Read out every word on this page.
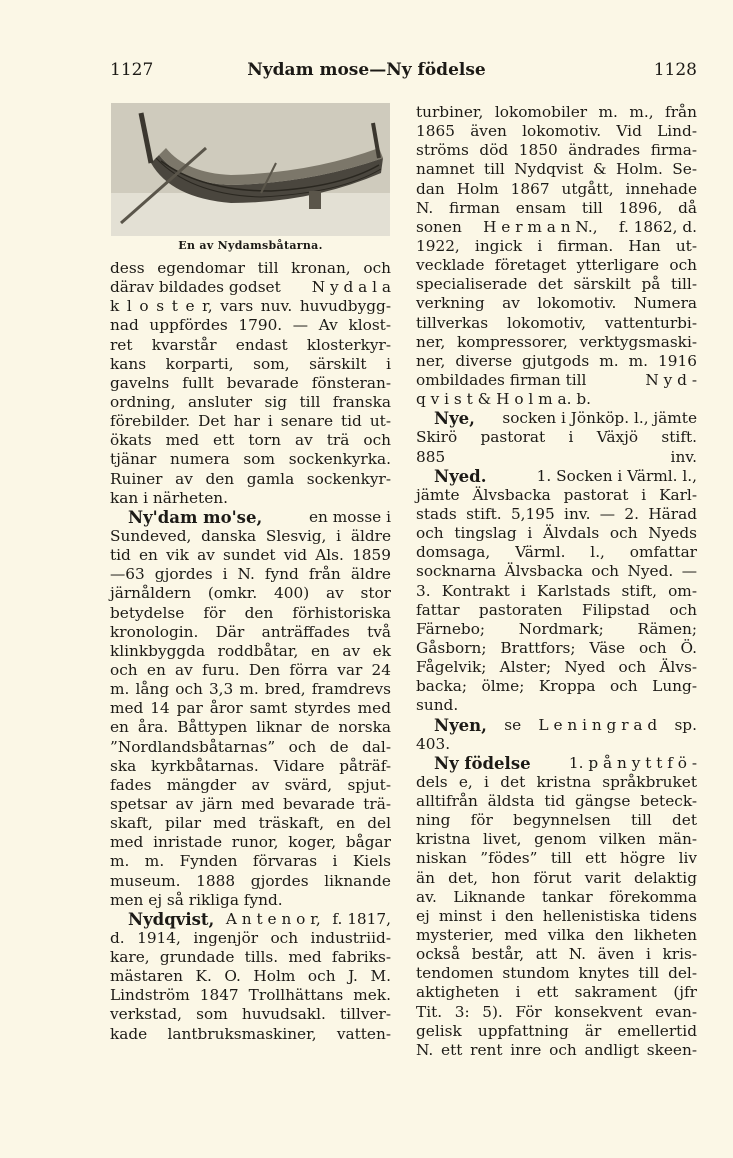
1127	Nydam mose—Ny födelse	1128
En av Nydamsbåtarna.
dess egendomar till kronan, och
därav bildades godset N y d a l a
k l o s t e r, vars nuv. huvudbygg-
nad uppfördes 1790. — Av klost-
ret kvarstår endast klosterkyr-
kans korparti, som, särskilt i
gavelns fullt bevarade fönsteran-
ordning, ansluter sig till franska
förebilder. Det har i senare tid ut-
ökats med ett torn av trä och
tjänar numera som sockenkyrka.
Ruiner av den gamla sockenkyr-
kan i närheten.
Ny'dam mo'se,	en mosse i
Sundeved, danska Slesvig, i äldre
tid en vik av sundet vid Als. 1859
—63 gjordes i N. fynd från äldre
järnåldern (omkr. 400) av stor
betydelse för den förhistoriska
kronologin. Där anträffades två
klinkbyggda roddbåtar, en av ek
och en av furu. Den förra var 24
m. lång och 3,3 m. bred, framdrevs
med 14 par åror samt styrdes med
en åra. Båttypen liknar de norska
”Nordlandsbåtarnas” och de dal-
ska kyrkbåtarnas. Vidare påträf-
fades mängder av svärd, spjut-
spetsar av järn med bevarade trä-
skaft, pilar med träskaft, en del
med inristade runor, koger, bågar
m. m. Fynden förvaras i Kiels
museum. 1888 gjordes liknande
men ej så rikliga fynd.
Nydqvist, A n t e n o r, f. 1817,
d. 1914, ingenjör och industriid-
kare, grundade tills. med fabriks-
mästaren K. O. Holm och J. M.
Lindström 1847 Trollhättans mek.
verkstad, som huvudsakl. tillver-
kade lantbruksmaskiner, vatten-
turbiner, lokomobiler m. m., från
1865 även lokomotiv. Vid Lind-
ströms död 1850 ändrades firma-
namnet till Nydqvist & Holm. Se-
dan Holm 1867 utgått, innehade
N. firman ensam till 1896, då
sonen H e r m a n N., f. 1862, d.
1922, ingick i firman. Han ut-
vecklade företaget ytterligare och
specialiserade det särskilt på till-
verkning av lokomotiv. Numera
tillverkas lokomotiv, vattenturbi-
ner, kompressorer, verktygsmaski-
ner, diverse gjutgods m. m. 1916
ombildades firman till	N y d -
q v i s t & H o l m a. b.
Nye, socken i Jönköp. l., jämte
Skirö pastorat i Växjö stift.
885 inv.
Nyed.	1. Socken i Värml. l.,
jämte Älvsbacka pastorat i Karl-
stads stift. 5,195 inv. — 2. Härad
och tingslag i Älvdals och Nyeds
domsaga, Värml. l., omfattar
socknarna Älvsbacka och Nyed. —
3. Kontrakt i Karlstads stift, om-
fattar pastoraten Filipstad och
Färnebo; Nordmark; Rämen;
Gåsborn; Brattfors; Väse och Ö.
Fågelvik; Alster; Nyed och Älvs-
backa; ölme; Kroppa och Lung-
sund.
Nyen, se L e n i n g r a d sp.
403.
Ny födelse	1. p å n y t t f ö -
dels e, i det kristna språkbruket
alltifrån äldsta tid gängse beteck-
ning för begynnelsen till det
kristna livet, genom vilken män-
niskan ”födes” till ett högre liv
än det, hon förut varit delaktig
av. Liknande tankar förekomma
ej minst i den hellenistiska tidens
mysterier, med vilka den likheten
också består, att N. även i kris-
tendomen stundom knytes till del-
aktigheten i ett sakrament (jfr
Tit. 3: 5). För konsekvent evan-
gelisk uppfattning är emellertid
N. ett rent inre och andligt skeen-
